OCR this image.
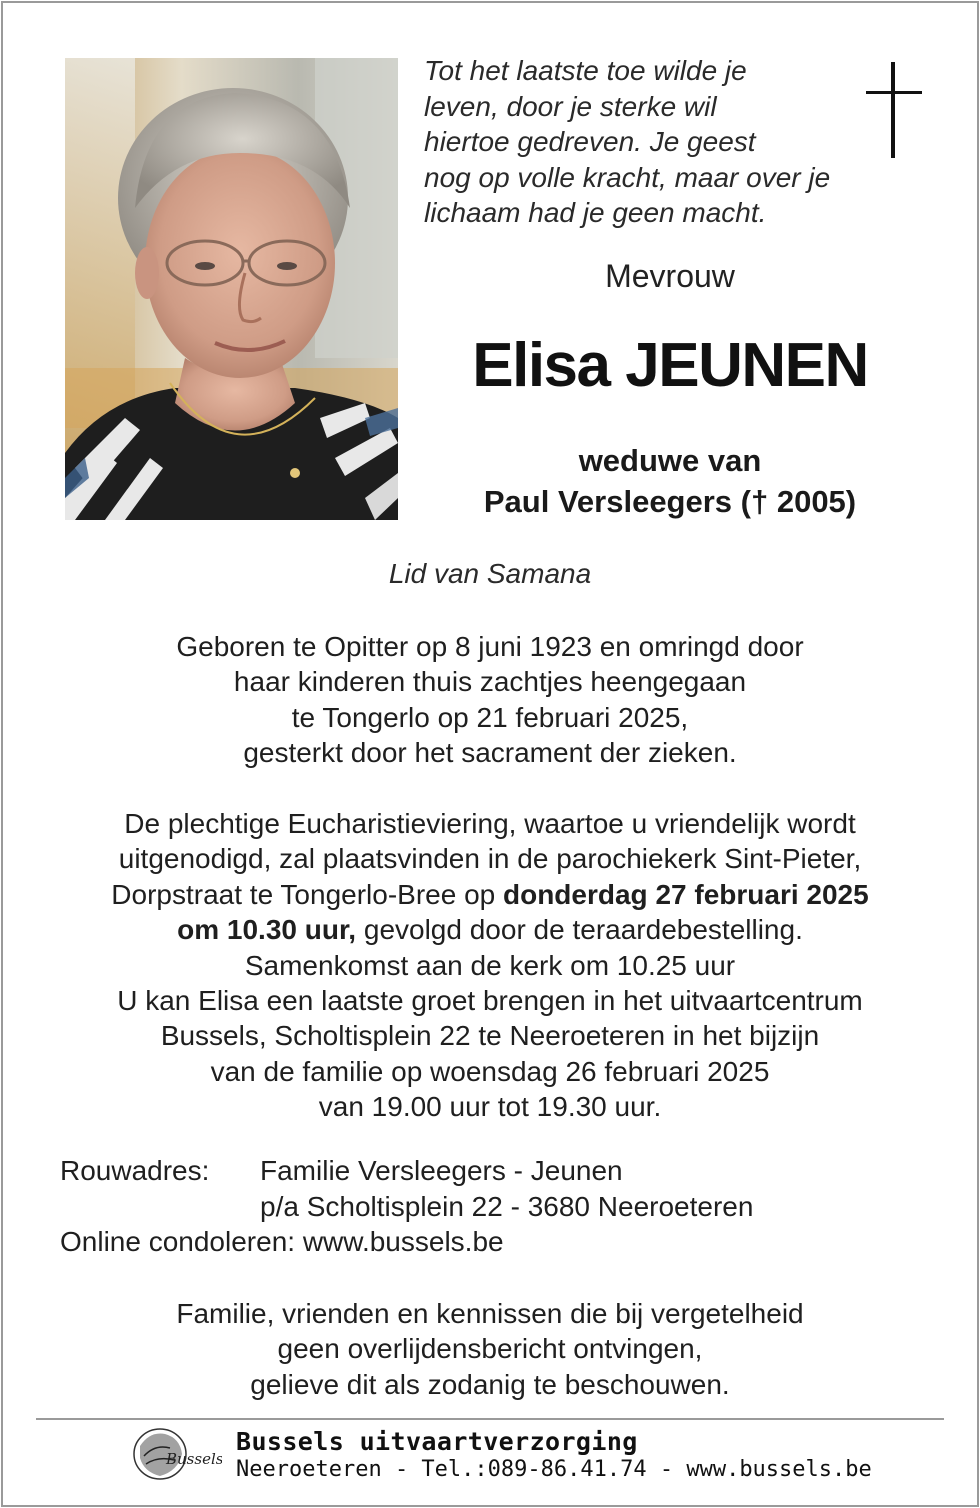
Tot het laatste toe wilde je
leven, door je sterke wil
hiertoe gedreven. Je geest
nog op volle kracht, maar over je
lichaam had je geen macht.
Mevrouw
Elisa JEUNEN
weduwe van
Paul Versleegers († 2005)
Lid van Samana
Geboren te Opitter op 8 juni 1923 en omringd door
haar kinderen thuis zachtjes heengegaan
te Tongerlo op 21 februari 2025,
gesterkt door het sacrament der zieken.
De plechtige Eucharistieviering, waartoe u vriendelijk wordt
uitgenodigd, zal plaatsvinden in de parochiekerk Sint-Pieter,
Dorpstraat te Tongerlo-Bree op donderdag 27 februari 2025
om 10.30 uur, gevolgd door de teraardebestelling.
Samenkomst aan de kerk om 10.25 uur
U kan Elisa een laatste groet brengen in het uitvaartcentrum
Bussels, Scholtisplein 22 te Neeroeteren in het bijzijn
van de familie op woensdag 26 februari 2025
van 19.00 uur tot 19.30 uur.
Rouwadres: Familie Versleegers - Jeunen
p/a Scholtisplein 22 - 3680 Neeroeteren
Online condoleren: www.bussels.be
Familie, vrienden en kennissen die bij vergetelheid
geen overlijdensbericht ontvingen,
gelieve dit als zodanig te beschouwen.
Bussels
Bussels uitvaartverzorging
Neeroeteren - Tel.:089-86.41.74 - www.bussels.be
